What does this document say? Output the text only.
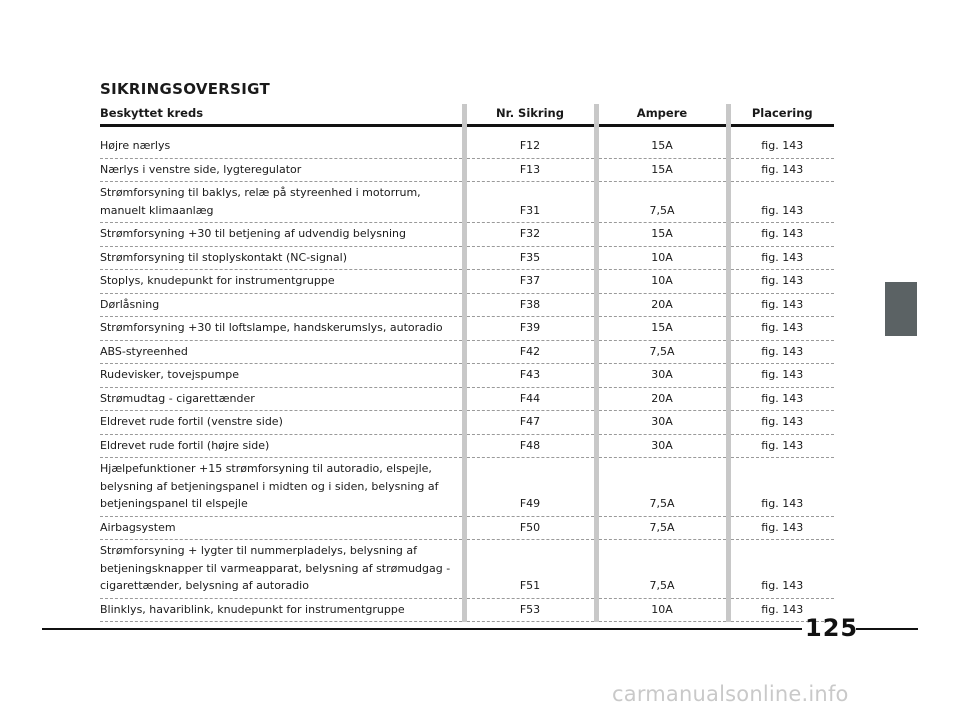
SIKRINGSOVERSIGT
Beskyttet kreds	Nr. Sikring	Ampere	Placering

Højre nærlys	F12	15A	fig. 143
Nærlys i venstre side, lygteregulator	F13	15A	fig. 143
Strømforsyning til baklys, relæ på styreenhed i motorrum, manuelt klimaanlæg	F31	7,5A	fig. 143
Strømforsyning +30 til betjening af udvendig belysning	F32	15A	fig. 143
Strømforsyning til stoplyskontakt (NC-signal)	F35	10A	fig. 143
Stoplys, knudepunkt for instrumentgruppe	F37	10A	fig. 143
Dørlåsning	F38	20A	fig. 143
Strømforsyning +30 til loftslampe, handskerumslys, autoradio	F39	15A	fig. 143
ABS-styreenhed	F42	7,5A	fig. 143
Rudevisker, tovejspumpe	F43	30A	fig. 143
Strømudtag - cigarettænder	F44	20A	fig. 143
Eldrevet rude fortil (venstre side)	F47	30A	fig. 143
Eldrevet rude fortil (højre side)	F48	30A	fig. 143
Hjælpefunktioner +15 strømforsyning til autoradio, elspejle, belysning af betjeningspanel i midten og i siden, belysning af betjeningspanel til elspejle	F49	7,5A	fig. 143
Airbagsystem	F50	7,5A	fig. 143
Strømforsyning + lygter til nummerpladelys, belysning af betjeningsknapper til varmeapparat, belysning af strømudgag - cigarettænder, belysning af autoradio	F51	7,5A	fig. 143
Blinklys, havariblink, knudepunkt for instrumentgruppe	F53	10A	fig. 143
125
carmanualsonline.info
